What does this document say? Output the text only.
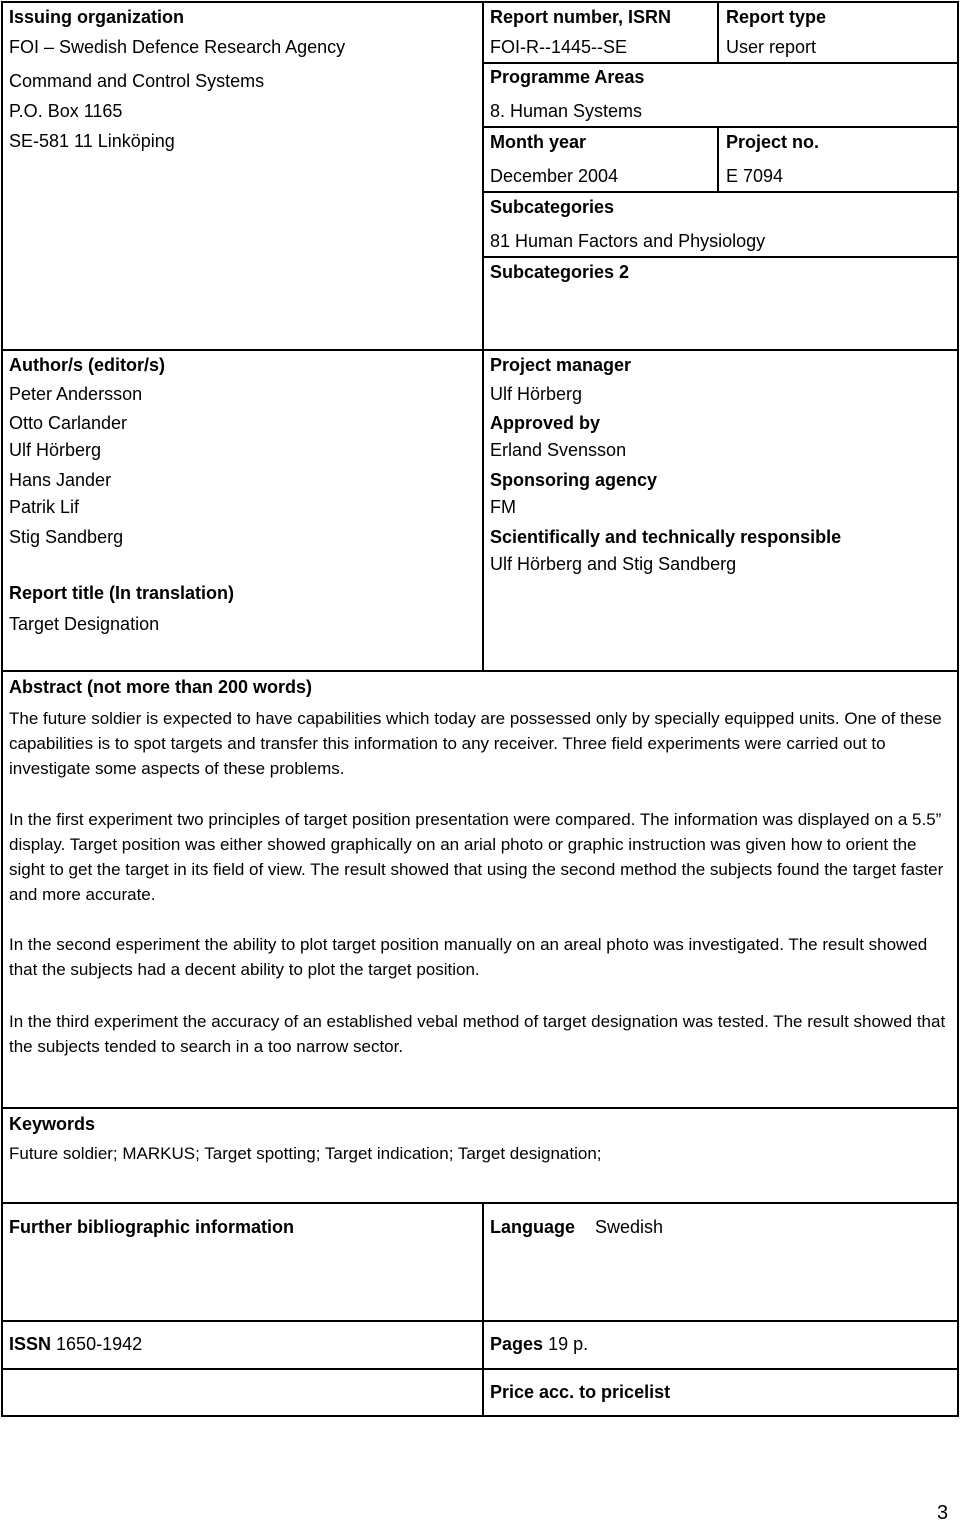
Issuing organization
FOI – Swedish Defence Research Agency
Command and Control Systems
P.O. Box 1165
SE-581 11 Linköping
Report number, ISRN
FOI-R--1445--SE
Report type
User report
Programme Areas
8. Human Systems
Month year
December 2004
Project no.
E 7094
Subcategories
81 Human Factors and Physiology
Subcategories 2
Author/s (editor/s)
Peter Andersson
Otto Carlander
Ulf Hörberg
Hans Jander
Patrik Lif
Stig Sandberg
Report title (In translation)
Target Designation
Project manager
Ulf Hörberg
Approved by
Erland Svensson
Sponsoring agency
FM
Scientifically and technically responsible
Ulf Hörberg and Stig Sandberg
Abstract (not more than 200 words)

The future soldier is expected to have capabilities which today are possessed only by specially equipped units. One of these capabilities is to spot targets and transfer this information to any receiver. Three field experiments were carried out to investigate some aspects of these problems.

In the first experiment two principles of target position presentation were compared. The information was displayed on a 5.5” display. Target position was either showed graphically on an arial photo or graphic instruction was given how to orient the sight to get the target in its field of view. The result showed that using the second method the subjects found the target faster and more accurate.

In the second esperiment the ability to plot target position manually on an areal photo was investigated. The result showed that the subjects had a decent ability to plot the target position.

In the third experiment the accuracy of an established vebal method of target designation was tested. The result showed that the subjects tended to search in a too narrow sector.

Keywords
Future soldier; MARKUS; Target spotting; Target indication; Target designation;
Further bibliographic information	Language Swedish
ISSN 1650-1942	Pages 19 p.
Price acc. to pricelist
3
